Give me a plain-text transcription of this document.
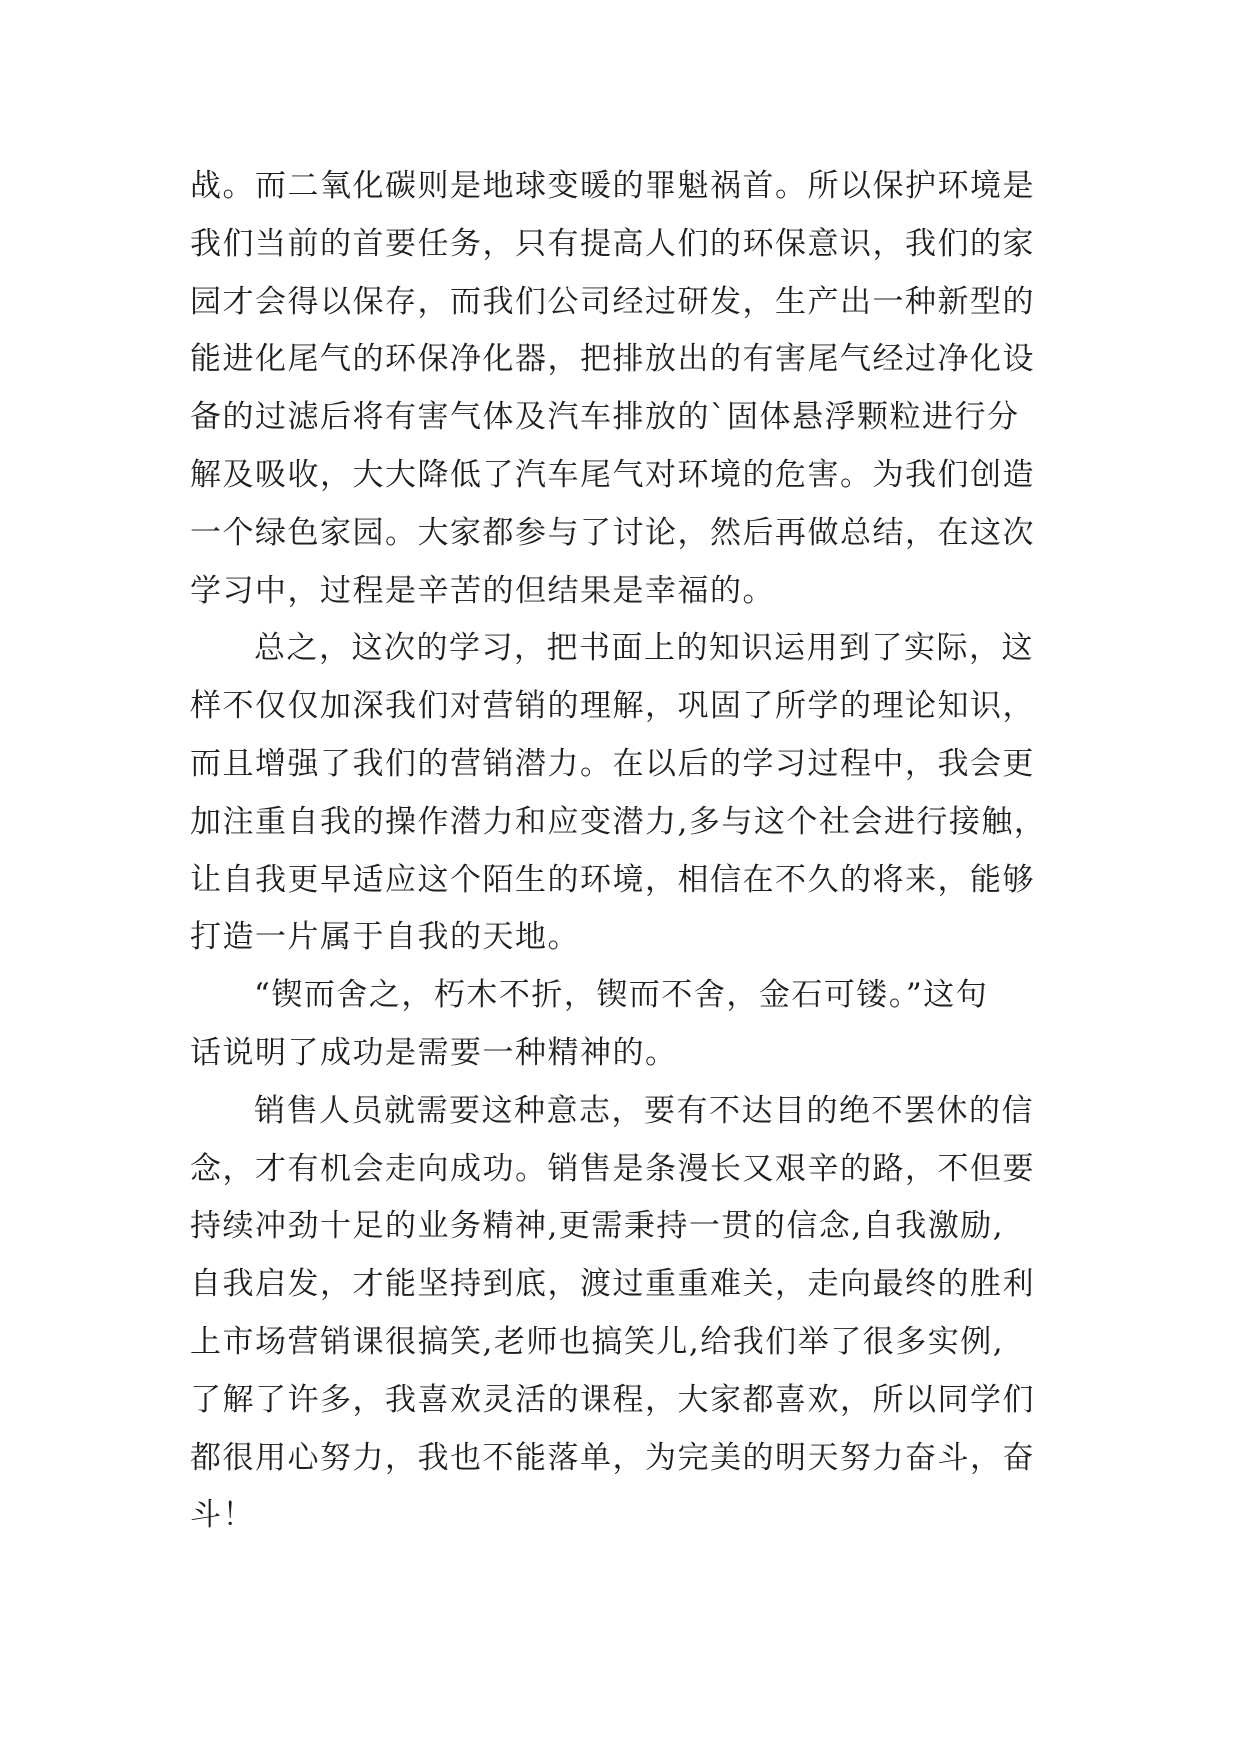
战。而二氧化碳则是地球变暖的罪魁祸首。所以保护环境是
我们当前的首要任务，只有提高人们的环保意识，我们的家
园才会得以保存，而我们公司经过研发，生产出一种新型的
能进化尾气的环保净化器，把排放出的有害尾气经过净化设
备的过滤后将有害气体及汽车排放的`固体悬浮颗粒进行分
解及吸收，大大降低了汽车尾气对环境的危害。为我们创造
一个绿色家园。大家都参与了讨论，然后再做总结，在这次
学习中，过程是辛苦的但结果是幸福的。
总之，这次的学习，把书面上的知识运用到了实际，这
样不仅仅加深我们对营销的理解，巩固了所学的理论知识，
而且增强了我们的营销潜力。在以后的学习过程中，我会更
加注重自我的操作潜力和应变潜力,多与这个社会进行接触，
让自我更早适应这个陌生的环境，相信在不久的将来，能够
打造一片属于自我的天地。
“锲而舍之，朽木不折，锲而不舍，金石可镂。”这句
话说明了成功是需要一种精神的。
销售人员就需要这种意志，要有不达目的绝不罢休的信
念，才有机会走向成功。销售是条漫长又艰辛的路，不但要
持续冲劲十足的业务精神,更需秉持一贯的信念,自我激励,
自我启发，才能坚持到底，渡过重重难关，走向最终的胜利
上市场营销课很搞笑,老师也搞笑儿,给我们举了很多实例,
了解了许多，我喜欢灵活的课程，大家都喜欢，所以同学们
都很用心努力，我也不能落单，为完美的明天努力奋斗，奋
斗！
